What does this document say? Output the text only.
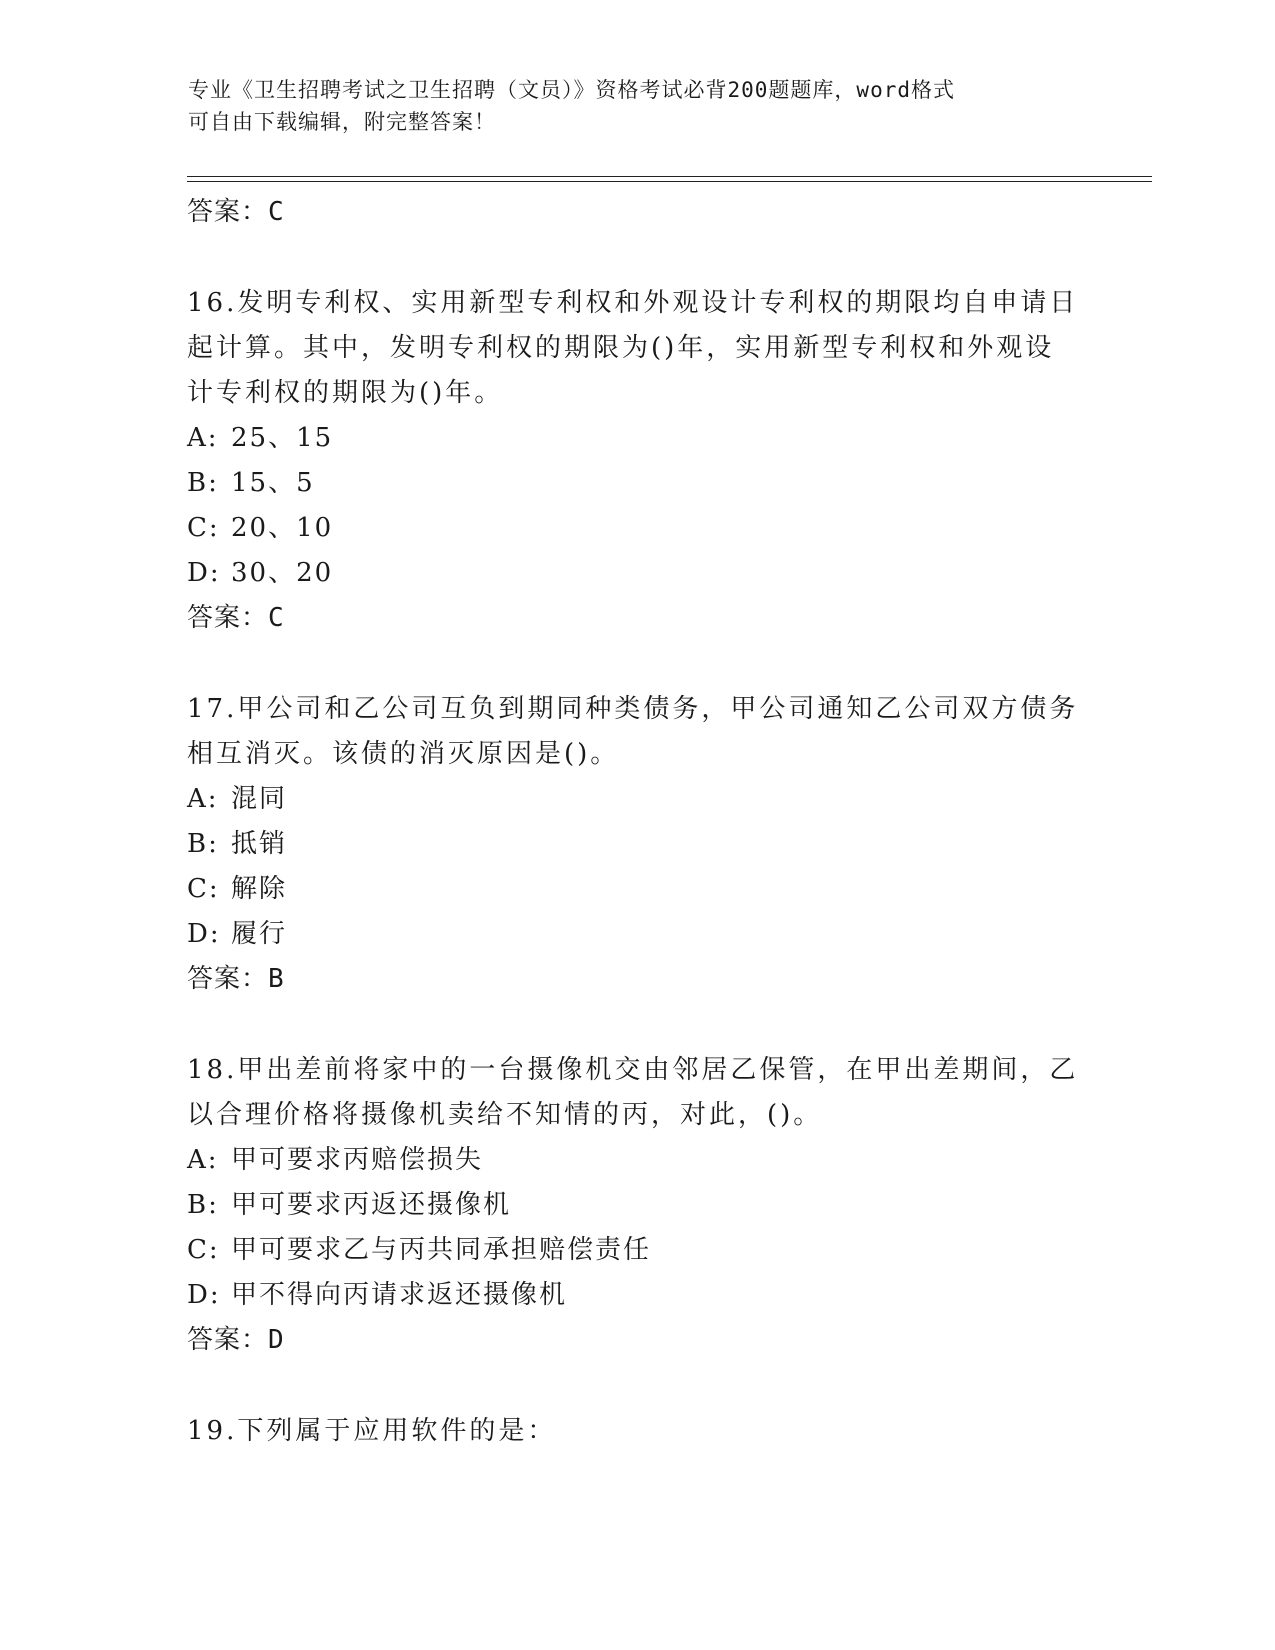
专业《卫生招聘考试之卫生招聘（文员）》资格考试必背200题题库，word格式
可自由下载编辑，附完整答案！
答案：C
16.发明专利权、实用新型专利权和外观设计专利权的期限均自申请日
起计算。其中，发明专利权的期限为()年，实用新型专利权和外观设
计专利权的期限为()年。
A: 25、15
B: 15、5
C: 20、10
D: 30、20
答案：C
17.甲公司和乙公司互负到期同种类债务，甲公司通知乙公司双方债务
相互消灭。该债的消灭原因是()。
A: 混同
B: 抵销
C: 解除
D: 履行
答案：B
18.甲出差前将家中的一台摄像机交由邻居乙保管，在甲出差期间，乙
以合理价格将摄像机卖给不知情的丙，对此，()。
A: 甲可要求丙赔偿损失
B: 甲可要求丙返还摄像机
C: 甲可要求乙与丙共同承担赔偿责任
D: 甲不得向丙请求返还摄像机
答案：D
19.下列属于应用软件的是：
